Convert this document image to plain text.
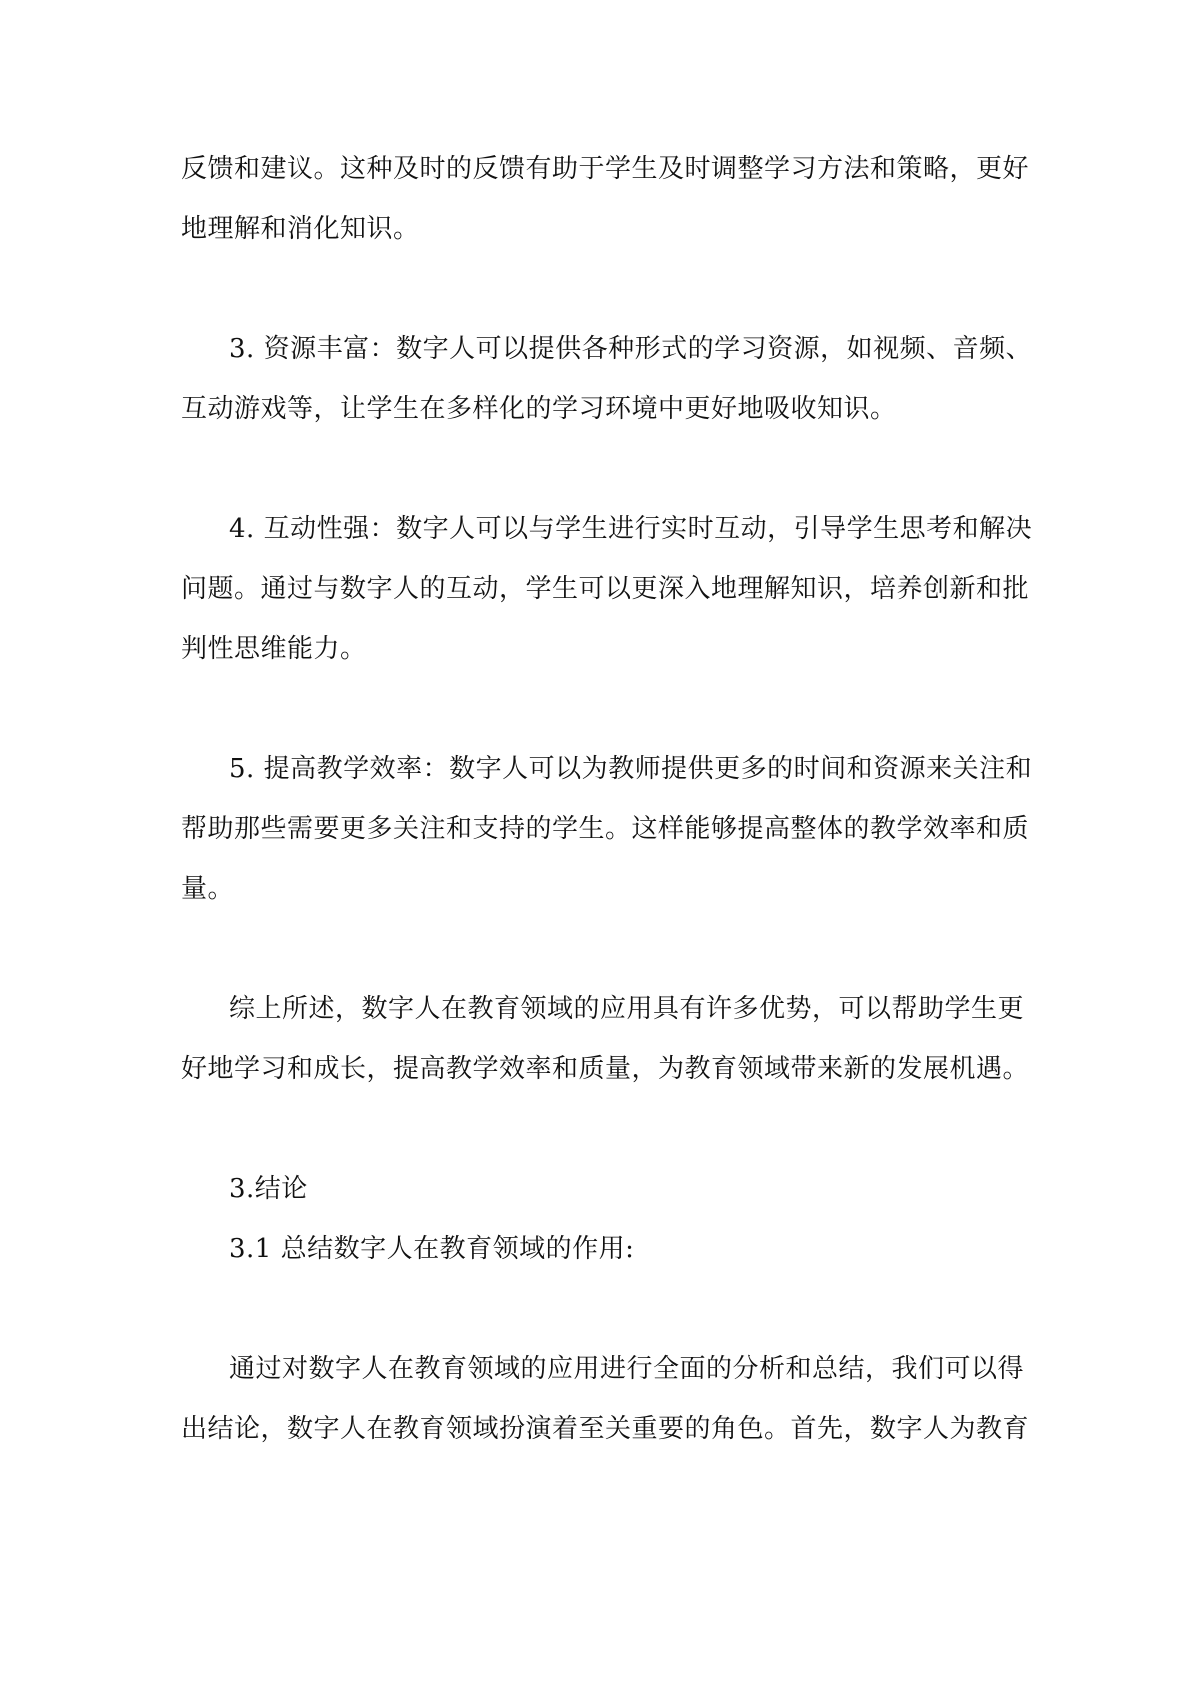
反馈和建议。这种及时的反馈有助于学生及时调整学习方法和策略，更好
地理解和消化知识。
3. 资源丰富：数字人可以提供各种形式的学习资源，如视频、音频、
互动游戏等，让学生在多样化的学习环境中更好地吸收知识。
4. 互动性强：数字人可以与学生进行实时互动，引导学生思考和解决
问题。通过与数字人的互动，学生可以更深入地理解知识，培养创新和批
判性思维能力。
5. 提高教学效率：数字人可以为教师提供更多的时间和资源来关注和
帮助那些需要更多关注和支持的学生。这样能够提高整体的教学效率和质
量。
综上所述，数字人在教育领域的应用具有许多优势，可以帮助学生更
好地学习和成长，提高教学效率和质量，为教育领域带来新的发展机遇。
3.结论
3.1 总结数字人在教育领域的作用:
通过对数字人在教育领域的应用进行全面的分析和总结，我们可以得
出结论，数字人在教育领域扮演着至关重要的角色。首先，数字人为教育
